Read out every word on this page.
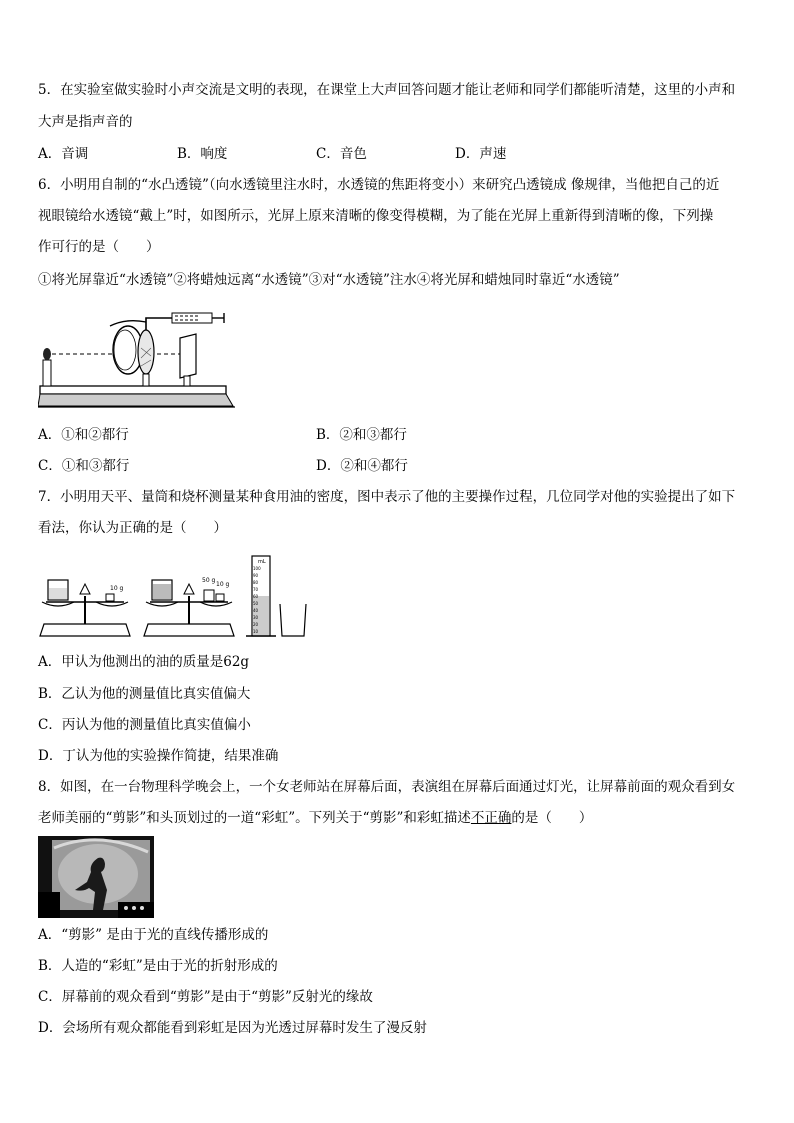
5．在实验室做实验时小声交流是文明的表现，在课堂上大声回答问题才能让老师和同学们都能听清楚，这里的小声和
大声是指声音的
A．音调	B．响度	C．音色	D．声速
6．小明用自制的“水凸透镜”（向水透镜里注水时，水透镜的焦距将变小）来研究凸透镜成 像规律，当他把自己的近
视眼镜给水透镜“戴上”时，如图所示，光屏上原来清晰的像变得模糊，为了能在光屏上重新得到清晰的像，下列操
作可行的是（　　）
①将光屏靠近“水透镜”②将蜡烛远离“水透镜”③对“水透镜”注水④将光屏和蜡烛同时靠近“水透镜”
A．①和②都行	B．②和③都行
C．①和③都行	D．②和④都行
7．小明用天平、量筒和烧杯测量某种食用油的密度，图中表示了他的主要操作过程，几位同学对他的实验提出了如下
看法，你认为正确的是（　　）
10 g
50 g
10 g
mL
100
90
80
70
60
50
40
30
20
10
A．甲认为他测出的油的质量是62g
B．乙认为他的测量值比真实值偏大
C．丙认为他的测量值比真实值偏小
D．丁认为他的实验操作简捷，结果准确
8．如图，在一台物理科学晚会上，一个女老师站在屏幕后面，表演组在屏幕后面通过灯光，让屏幕前面的观众看到女
老师美丽的“剪影”和头顶划过的一道“彩虹”。下列关于“剪影”和彩虹描述不正确的是（　　）
A．“剪影” 是由于光的直线传播形成的
B．人造的“彩虹”是由于光的折射形成的
C．屏幕前的观众看到“剪影”是由于“剪影”反射光的缘故
D．会场所有观众都能看到彩虹是因为光透过屏幕时发生了漫反射
